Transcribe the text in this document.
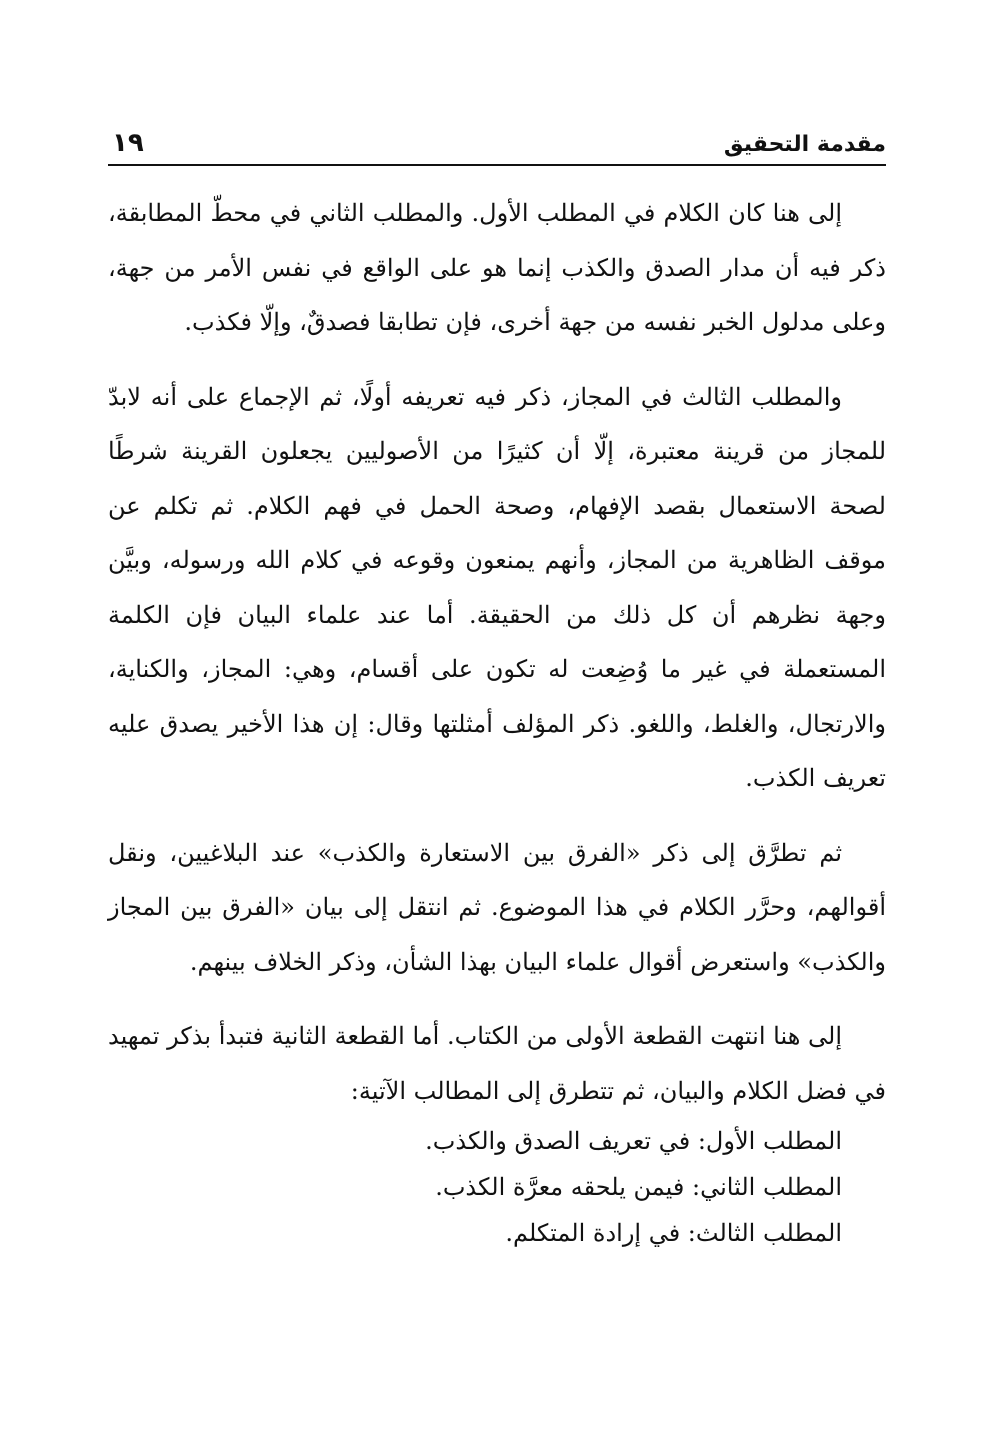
مقدمة التحقيق
١٩

إلى هنا كان الكلام في المطلب الأول. والمطلب الثاني في محطّ المطابقة، ذكر فيه أن مدار الصدق والكذب إنما هو على الواقع في نفس الأمر من جهة، وعلى مدلول الخبر نفسه من جهة أخرى، فإن تطابقا فصدقٌ، وإلّا فكذب.

والمطلب الثالث في المجاز، ذكر فيه تعريفه أولًا، ثم الإجماع على أنه لابدّ للمجاز من قرينة معتبرة، إلّا أن كثيرًا من الأصوليين يجعلون القرينة شرطًا لصحة الاستعمال بقصد الإفهام، وصحة الحمل في فهم الكلام. ثم تكلم عن موقف الظاهرية من المجاز، وأنهم يمنعون وقوعه في كلام الله ورسوله، وبيَّن وجهة نظرهم أن كل ذلك من الحقيقة. أما عند علماء البيان فإن الكلمة المستعملة في غير ما وُضِعت له تكون على أقسام، وهي: المجاز، والكناية، والارتجال، والغلط، واللغو. ذكر المؤلف أمثلتها وقال: إن هذا الأخير يصدق عليه تعريف الكذب.

ثم تطرَّق إلى ذكر «الفرق بين الاستعارة والكذب» عند البلاغيين، ونقل أقوالهم، وحرَّر الكلام في هذا الموضوع. ثم انتقل إلى بيان «الفرق بين المجاز والكذب» واستعرض أقوال علماء البيان بهذا الشأن، وذكر الخلاف بينهم.

إلى هنا انتهت القطعة الأولى من الكتاب. أما القطعة الثانية فتبدأ بذكر تمهيد في فضل الكلام والبيان، ثم تتطرق إلى المطالب الآتية:

المطلب الأول: في تعريف الصدق والكذب.
المطلب الثاني: فيمن يلحقه معرَّة الكذب.
المطلب الثالث: في إرادة المتكلم.
